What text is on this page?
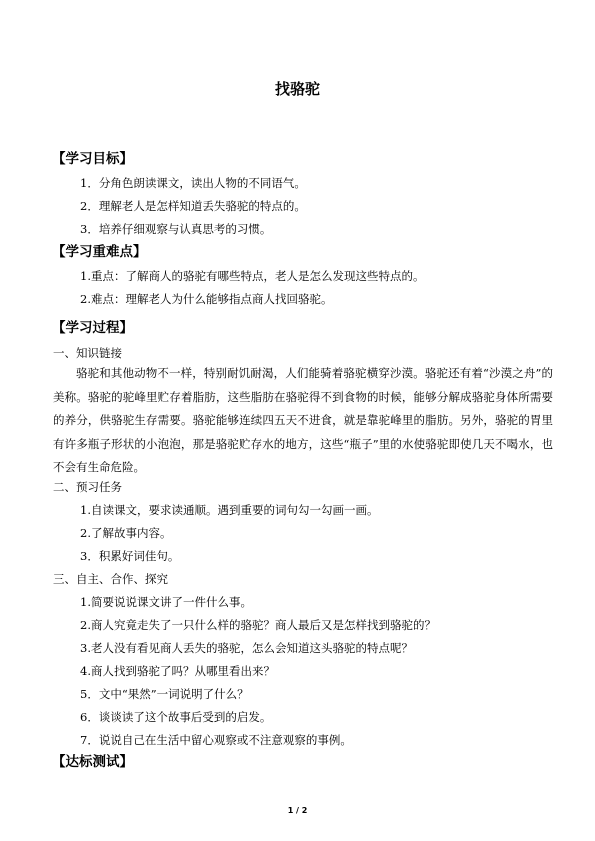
找骆驼
【学习目标】
1．分角色朗读课文，读出人物的不同语气。
2．理解老人是怎样知道丢失骆驼的特点的。
3．培养仔细观察与认真思考的习惯。
【学习重难点】
1.重点：了解商人的骆驼有哪些特点，老人是怎么发现这些特点的。
2.难点：理解老人为什么能够指点商人找回骆驼。
【学习过程】
一、知识链接
骆驼和其他动物不一样，特别耐饥耐渴，人们能骑着骆驼横穿沙漠。骆驼还有着“沙漠之舟”的美称。骆驼的驼峰里贮存着脂肪，这些脂肪在骆驼得不到食物的时候，能够分解成骆驼身体所需要的养分，供骆驼生存需要。骆驼能够连续四五天不进食，就是靠驼峰里的脂肪。另外，骆驼的胃里有许多瓶子形状的小泡泡，那是骆驼贮存水的地方，这些“瓶子”里的水使骆驼即使几天不喝水，也不会有生命危险。
二、预习任务
1.自读课文，要求读通顺。遇到重要的词句勾一勾画一画。
2.了解故事内容。
3．积累好词佳句。
三、自主、合作、探究
1.简要说说课文讲了一件什么事。
2.商人究竟走失了一只什么样的骆驼？商人最后又是怎样找到骆驼的？
3.老人没有看见商人丢失的骆驼，怎么会知道这头骆驼的特点呢？
4.商人找到骆驼了吗？从哪里看出来？
5．文中“果然”一词说明了什么？
6．谈谈读了这个故事后受到的启发。
7．说说自己在生活中留心观察或不注意观察的事例。
【达标测试】
1 / 2
